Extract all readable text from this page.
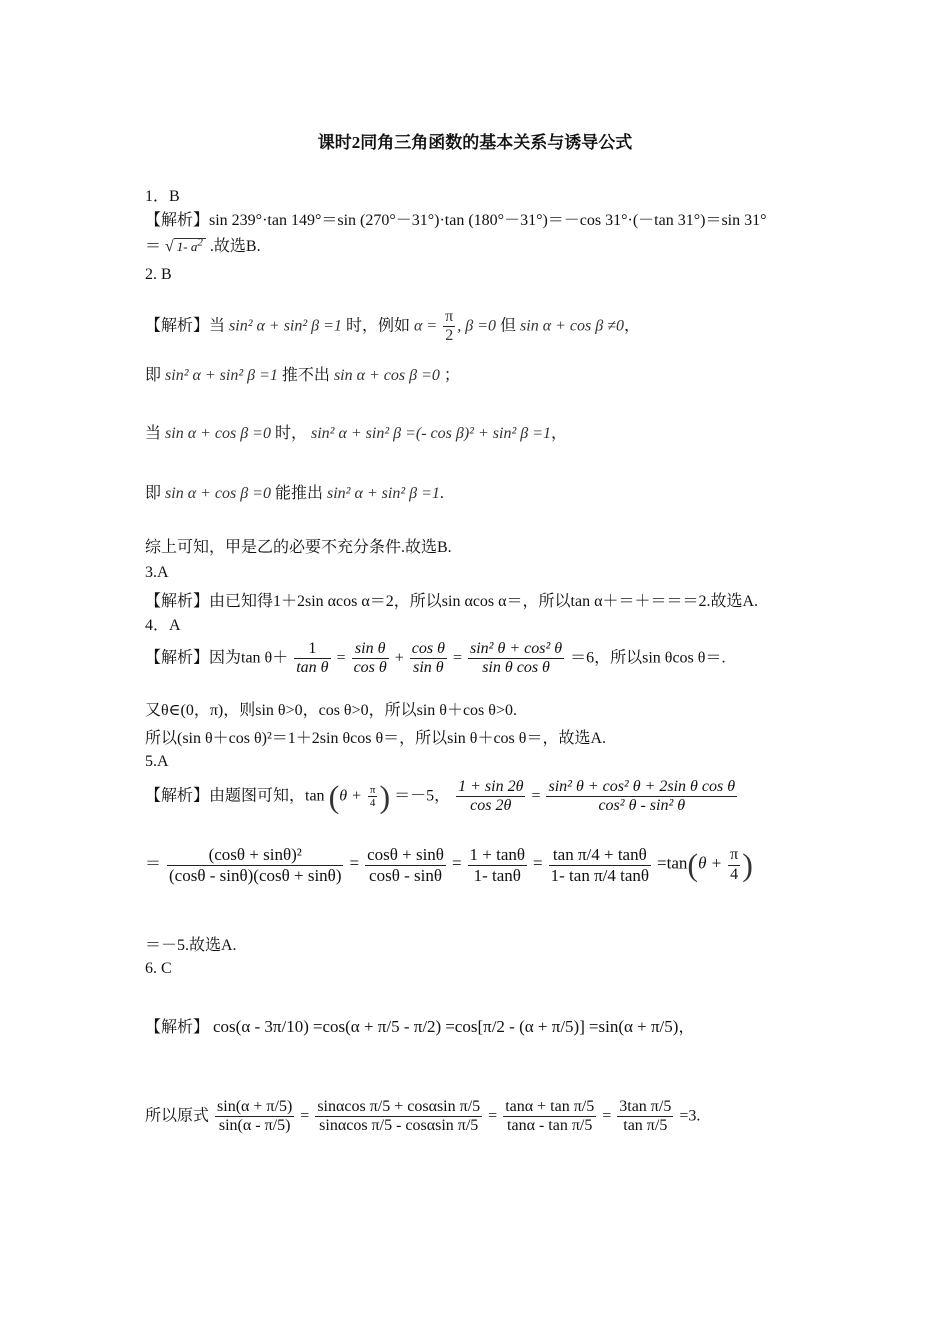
课时2同角三角函数的基本关系与诱导公式
1．B
【解析】sin 239°·tan 149°＝sin (270°－31°)·tan (180°－31°)＝－cos 31°·(－tan 31°)＝sin 31°
＝ √ 1- $a^2$ .故选B.
2. B
【解析】当 sin² α + sin² β =1 时，例如 $\alpha = \frac{\pi}{2}$ , β =0 但 sin α + cos β ≠0，
即 sin² α + sin² β =1 推不出 sin α + cos β =0 ；
当 sin α + cos β =0 时， sin² α + sin² β =(- cos β)² + sin² β =1，
即 sin α + cos β =0 能推出 sin² α + sin² β =1.
综上可知，甲是乙的必要不充分条件.故选B.
3.A
【解析】由已知得1＋2sin αcos α＝2，所以sin αcos α＝，所以tan α＋＝＋＝＝＝2.故选A.
4．A
【解析】因为$\tan \theta+ \frac{1}{\text{tan θ}} = \frac{\text{sin θ}}{\text{cos θ}} + \frac{\text{cos θ}}{\text{sin θ}} = \frac{\text{sin² θ + cos² θ}}{\text{sin θ cos θ}} =6$，所以sin θcos θ＝.
又θ∈(0，π)，则sin θ>0，cos θ>0，所以sin θ＋cos θ>0.
所以(sin θ＋cos θ)²＝1＋2sin θcos θ＝，所以sin θ＋cos θ＝，故选A.
5.A
【解析】由题图可知，$\tan (\theta + \frac{\pi}{4}$ ) ＝－5， $\frac{1 + \sin 2\theta}{\cos 2\theta} = \frac{\text{sin² θ + cos² θ + 2sin θ cos θ}}{\text{cos² θ - sin² θ}}$
＝ $\frac{\text{(cosθ + sinθ)²}}{(\cos\theta - \sin\theta)(\cos\theta + \sin\theta)} = \frac{\cos\theta + \sin\theta}{\cos\theta - \sin\theta} = \frac{1 + \tan\theta}{1- \tan\theta} = \frac{\text{tan π/4 + tanθ}}{\text{1- tan π/4 tanθ}} =\tan(\theta + \frac{\pi}{4}$ )
＝－5.故选A.
6. C
【解析】 cos(α - 3π/10) =cos(α + π/5 - π/2) =cos[π/2 - (α + π/5)] =sin(α + π/5)，
所以原式 $\frac{\sin(\alpha + \pi/5)}{\sin(\alpha - \pi/5)} = \frac{\text{sinαcos π/5 + cosαsin π/5}}{\text{sinαcos π/5 - cosαsin π/5}} = \frac{\text{tanα + tan π/5}}{\text{tanα - tan π/5}} = \frac{\text{3tan π/5}}{\text{tan π/5}} =3$.
